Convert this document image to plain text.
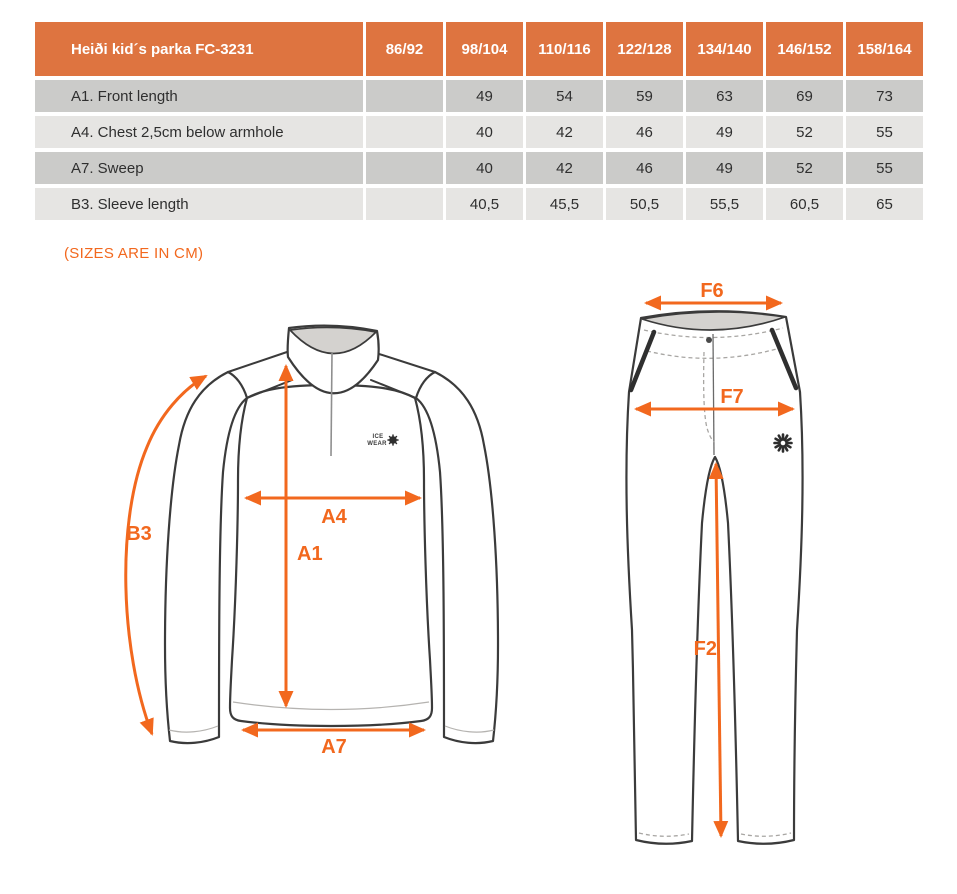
Heiði kid´s parka FC-3231	86/92	98/104	110/116	122/128	134/140	146/152	158/164
A1. Front length		49	54	59	63	69	73
A4. Chest 2,5cm below armhole		40	42	46	49	52	55
A7. Sweep		40	42	46	49	52	55
B3. Sleeve length		40,5	45,5	50,5	55,5	60,5	65
(SIZES ARE IN CM)
ICE
WEAR
B3
A4
A1
A7
F6
F7
F2
